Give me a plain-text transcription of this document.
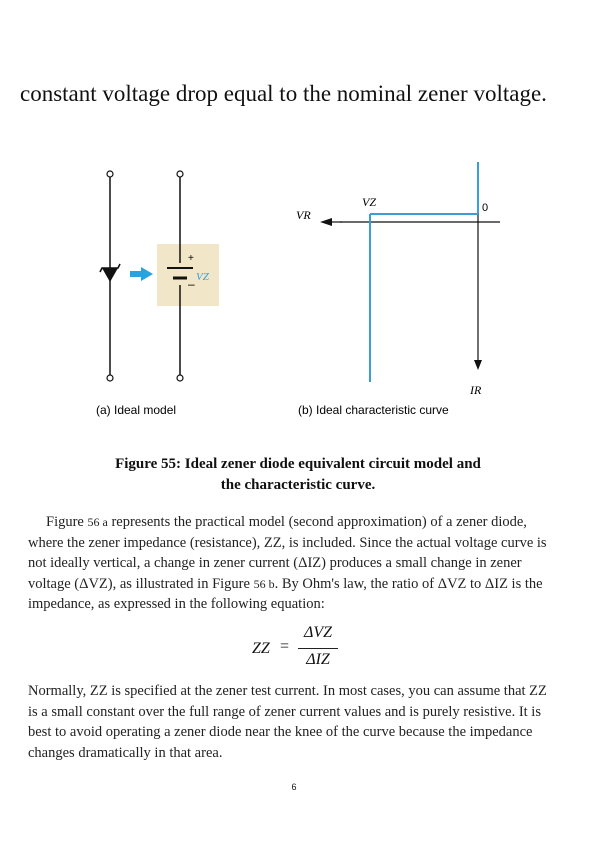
constant voltage drop equal to the nominal zener voltage.

+
– VZ
(a) Ideal model
VZ
VR	0
IR
(b) Ideal characteristic curve
Figure 55: Ideal zener diode equivalent circuit model and the characteristic curve.

Figure 56 a represents the practical model (second approximation) of a zener diode, where the zener impedance (resistance), ZZ, is included. Since the actual voltage curve is not ideally vertical, a change in zener current (ΔIZ) produces a small change in zener voltage (ΔVZ), as illustrated in Figure 56 b. By Ohm's law, the ratio of ΔVZ to ΔIZ is the impedance, as expressed in the following equation:

ZZ =
ΔVZ
ΔIZ

Normally, ZZ is specified at the zener test current. In most cases, you can assume that ZZ is a small constant over the full range of zener current values and is purely resistive. It is best to avoid operating a zener diode near the knee of the curve because the impedance changes dramatically in that area.

6
